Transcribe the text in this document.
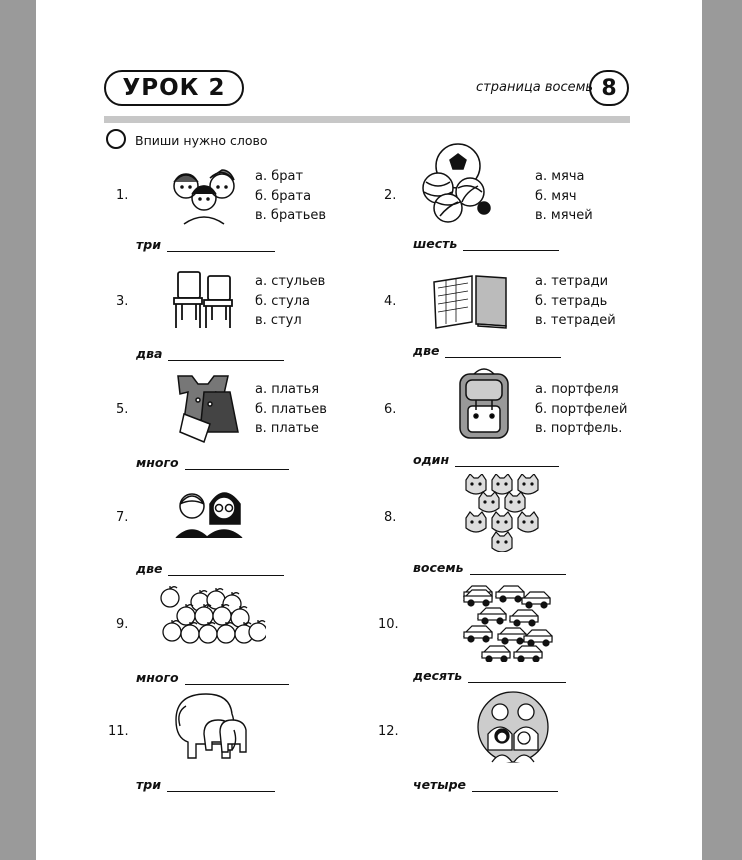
УРОК 2	страница восемь 8
Впиши нужно слово
1.
а. брат
б. брата
в. братьев
три
2.
а. мяча
б. мяч
в. мячей
шесть
3.
а. стульев
б. стула
в. стул
два
4.
а. тетради
б. тетрадь
в. тетрадей
две
5.
а. платья
б. платьев
в. платье
много
6.
а. портфеля
б. портфелей
в. портфель.
один
7.
две
8.
восемь
9.
много
10.
десять
11.
три
12.
четыре
